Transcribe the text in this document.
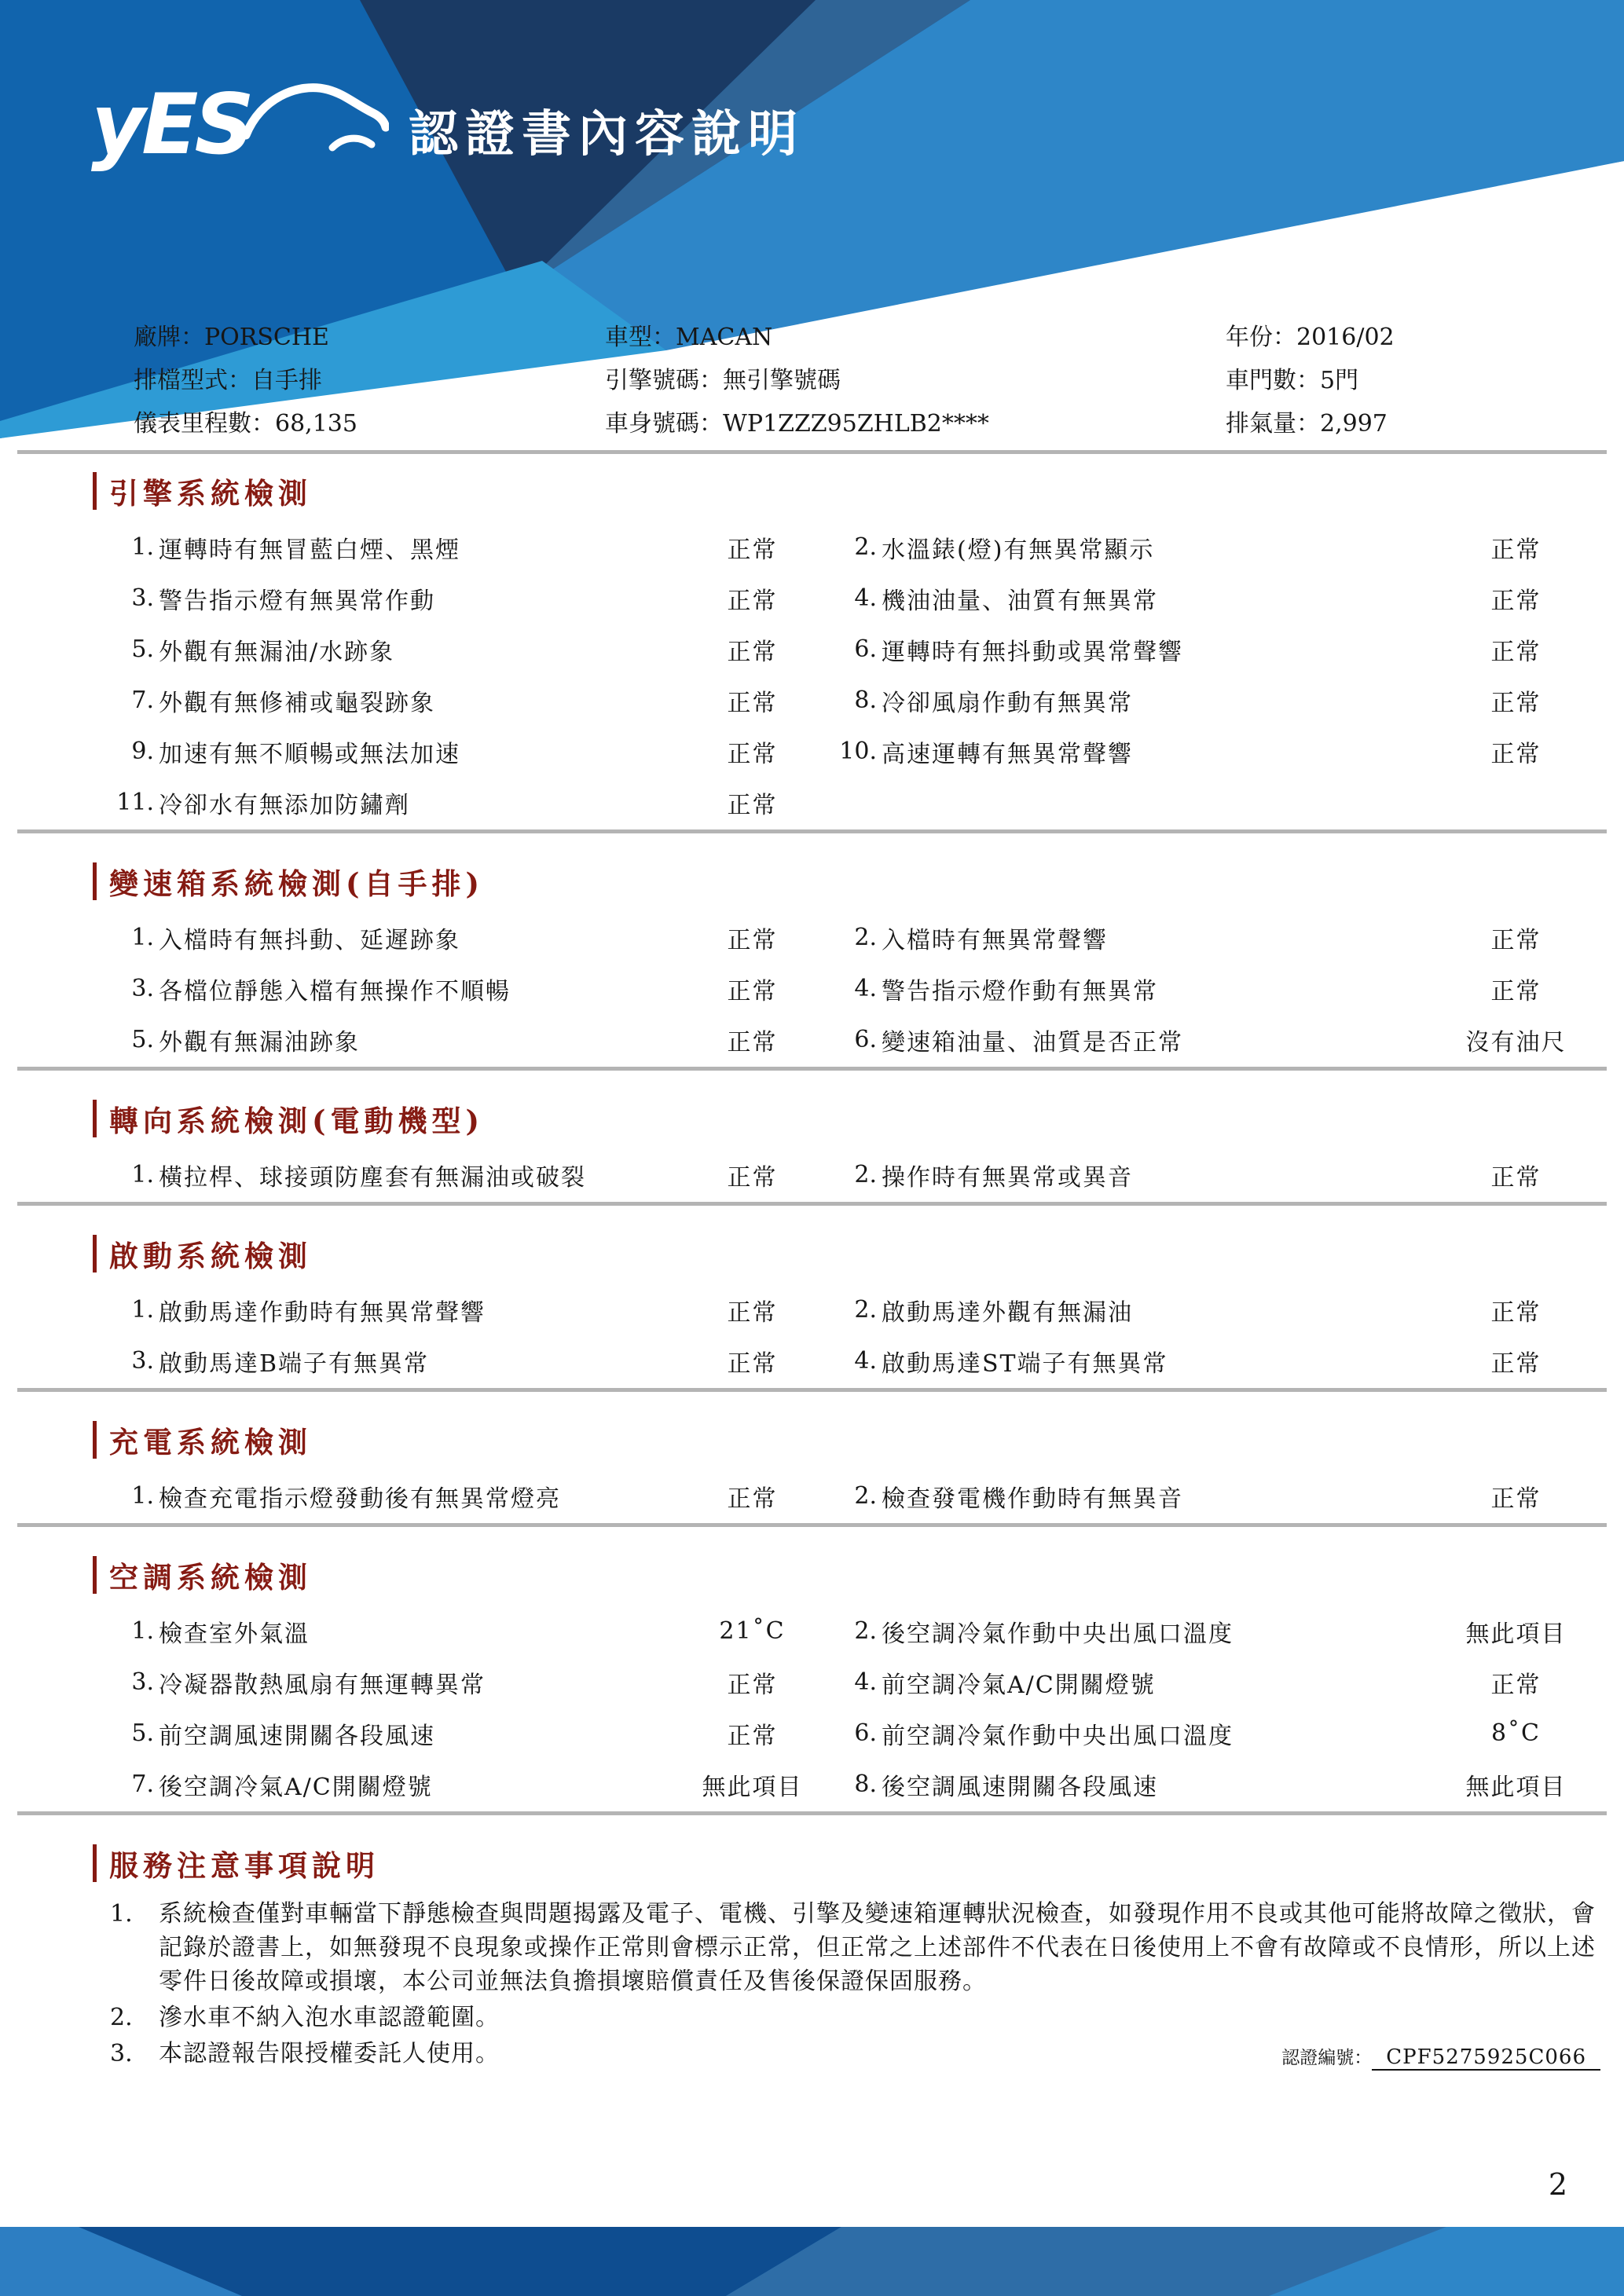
yES	認證書內容說明
廠牌：PORSCHE	車型：MACAN	年份：2016/02
排檔型式：自手排	引擎號碼：無引擎號碼	車門數：5門
儀表里程數：68,135	車身號碼：WP1ZZZ95ZHLB2****	排氣量：2,997
引擎系統檢測
1. 運轉時有無冒藍白煙、黑煙	正常	2. 水溫錶(燈)有無異常顯示	正常
3. 警告指示燈有無異常作動	正常	4. 機油油量、油質有無異常	正常
5. 外觀有無漏油/水跡象	正常	6. 運轉時有無抖動或異常聲響	正常
7. 外觀有無修補或龜裂跡象	正常	8. 冷卻風扇作動有無異常	正常
9. 加速有無不順暢或無法加速	正常	10. 高速運轉有無異常聲響	正常
11. 冷卻水有無添加防鏽劑	正常
變速箱系統檢測(自手排)
1. 入檔時有無抖動、延遲跡象	正常	2. 入檔時有無異常聲響	正常
3. 各檔位靜態入檔有無操作不順暢	正常	4. 警告指示燈作動有無異常	正常
5. 外觀有無漏油跡象	正常	6. 變速箱油量、油質是否正常	沒有油尺
轉向系統檢測(電動機型)
1. 橫拉桿、球接頭防塵套有無漏油或破裂	正常	2. 操作時有無異常或異音	正常
啟動系統檢測
1. 啟動馬達作動時有無異常聲響	正常	2. 啟動馬達外觀有無漏油	正常
3. 啟動馬達B端子有無異常	正常	4. 啟動馬達ST端子有無異常	正常
充電系統檢測
1. 檢查充電指示燈發動後有無異常燈亮	正常	2. 檢查發電機作動時有無異音	正常
空調系統檢測
1. 檢查室外氣溫	21˚C	2. 後空調冷氣作動中央出風口溫度	無此項目
3. 冷凝器散熱風扇有無運轉異常	正常	4. 前空調冷氣A/C開關燈號	正常
5. 前空調風速開關各段風速	正常	6. 前空調冷氣作動中央出風口溫度	8˚C
7. 後空調冷氣A/C開關燈號	無此項目	8. 後空調風速開關各段風速	無此項目
服務注意事項說明
1.	系統檢查僅對車輛當下靜態檢查與問題揭露及電子、電機、引擎及變速箱運轉狀況檢查，如發現作用不良或其他可能將故障之徵狀，會記錄於證書上，如無發現不良現象或操作正常則會標示正常，但正常之上述部件不代表在日後使用上不會有故障或不良情形，所以上述零件日後故障或損壞，本公司並無法負擔損壞賠償責任及售後保證保固服務。
2.	滲水車不納入泡水車認證範圍。
3.	本認證報告限授權委託人使用。	認證編號： CPF5275925C066
2
